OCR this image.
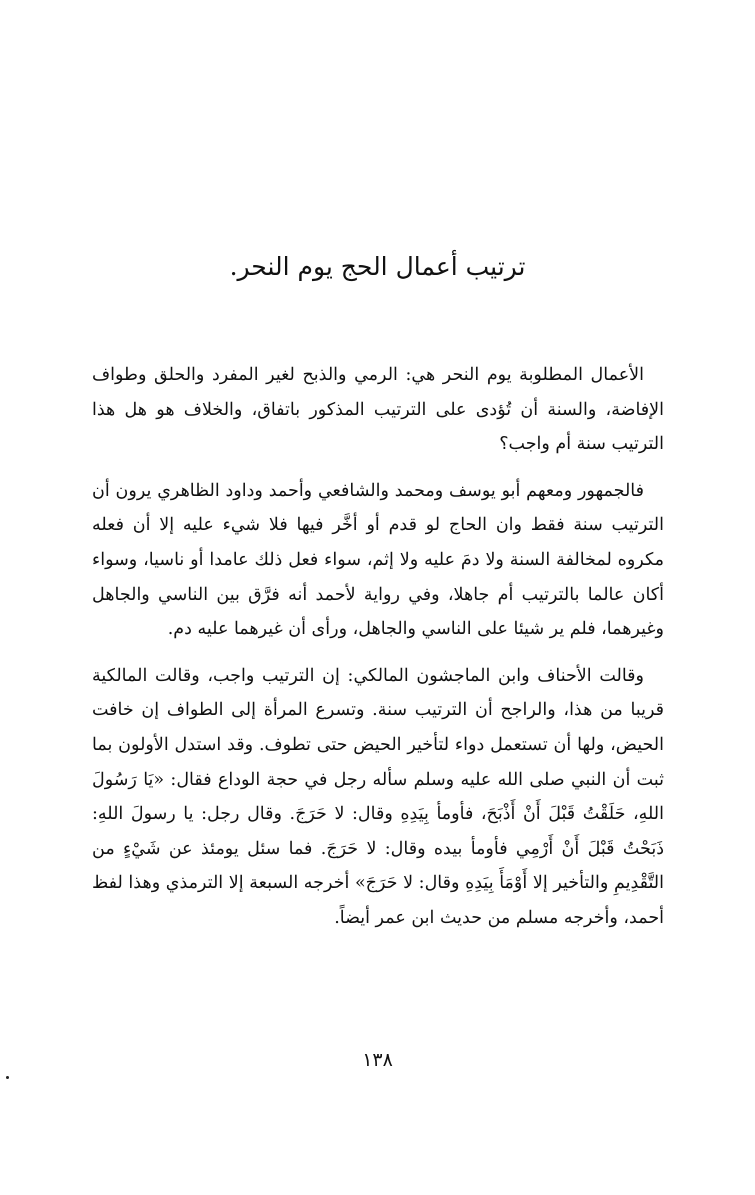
ترتيب أعمال الحج يوم النحر.

الأعمال المطلوبة يوم النحر هي: الرمي والذبح لغير المفرد والحلق وطواف الإفاضة، والسنة أن تُؤدى على الترتيب المذكور باتفاق، والخلاف هو هل هذا الترتيب سنة أم واجب؟

فالجمهور ومعهم أبو يوسف ومحمد والشافعي وأحمد وداود الظاهري يرون أن الترتيب سنة فقط وان الحاج لو قدم أو أخَّر فيها فلا شيء عليه إلا أن فعله مكروه لمخالفة السنة ولا دمَ عليه ولا إثم، سواء فعل ذلك عامدا أو ناسيا، وسواء أكان عالما بالترتيب أم جاهلا، وفي رواية لأحمد أنه فرَّق بين الناسي والجاهل وغيرهما، فلم ير شيئا على الناسي والجاهل، ورأى أن غيرهما عليه دم.

وقالت الأحناف وابن الماجشون المالكي: إن الترتيب واجب، وقالت المالكية قريبا من هذا، والراجح أن الترتيب سنة. وتسرع المرأة إلى الطواف إن خافت الحيض، ولها أن تستعمل دواء لتأخير الحيض حتى تطوف. وقد استدل الأولون بما ثبت أن النبي صلى الله عليه وسلم سأله رجل في حجة الوداع فقال: «يَا رَسُولَ اللهِ، حَلَقْتُ قَبْلَ أَنْ أَذْبَحَ، فأومأ بِيَدِهِ وقال: لا حَرَجَ. وقال رجل: يا رسولَ اللهِ: ذَبَحْتُ قَبْلَ أَنْ أَرْمِي فأومأ بيده وقال: لا حَرَجَ. فما سئل يومئذ عن شَيْءٍ من التَّقْدِيمِ والتأخير إلا أَوْمَأَ بِيَدِهِ وقال: لا حَرَجَ» أخرجه السبعة إلا الترمذي وهذا لفظ أحمد، وأخرجه مسلم من حديث ابن عمر أيضاً.

١٣٨
